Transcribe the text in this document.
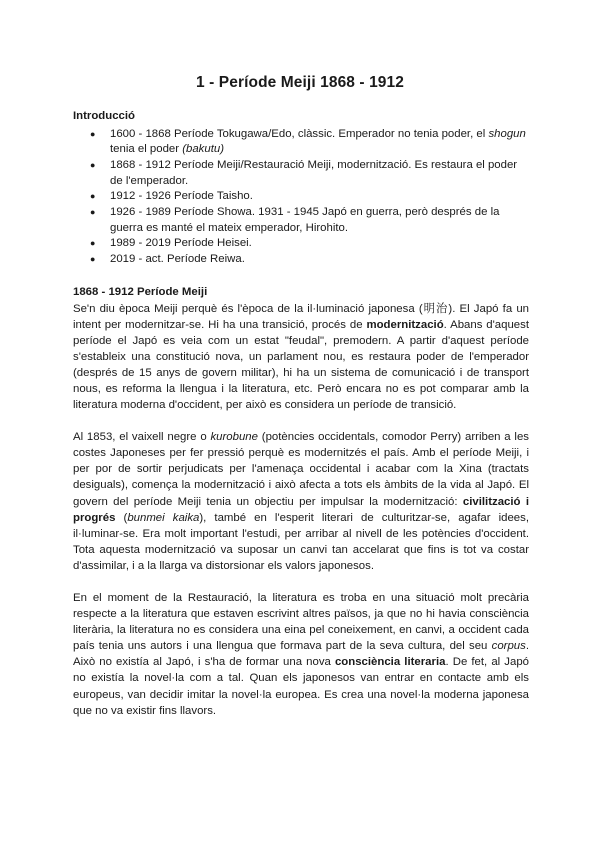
1 - Període Meiji 1868 - 1912
Introducció
● 1600 - 1868 Període Tokugawa/Edo, clàssic. Emperador no tenia poder, el shogun tenia el poder (bakutu)
● 1868 - 1912 Període Meiji/Restauració Meiji, modernització. Es restaura el poder de l'emperador.
● 1912 - 1926 Període Taisho.
● 1926 - 1989 Període Showa. 1931 - 1945 Japó en guerra, però després de la guerra es manté el mateix emperador, Hirohito.
● 1989 - 2019 Període Heisei.
● 2019 - act. Període Reiwa.
1868 - 1912 Període Meiji

Se'n diu època Meiji perquè és l'època de la il·luminació japonesa (明治). El Japó fa un intent per modernitzar-se. Hi ha una transició, procés de modernització. Abans d'aquest període el Japó es veia com un estat "feudal", premodern. A partir d'aquest període s'estableix una constitució nova, un parlament nou, es restaura poder de l'emperador (després de 15 anys de govern militar), hi ha un sistema de comunicació i de transport nous, es reforma la llengua i la literatura, etc. Però encara no es pot comparar amb la literatura moderna d'occident, per això es considera un període de transició.

Al 1853, el vaixell negre o kurobune (potències occidentals, comodor Perry) arriben a les costes Japoneses per fer pressió perquè es modernitzés el país. Amb el període Meiji, i per por de sortir perjudicats per l'amenaça occidental i acabar com la Xina (tractats desiguals), comença la modernització i això afecta a tots els àmbits de la vida al Japó. El govern del període Meiji tenia un objectiu per impulsar la modernització: civilització i progrés (bunmei kaika), també en l'esperit literari de culturitzar-se, agafar idees, il·luminar-se. Era molt important l'estudi, per arribar al nivell de les potències d'occident. Tota aquesta modernització va suposar un canvi tan accelarat que fins is tot va costar d'assimilar, i a la llarga va distorsionar els valors japonesos.

En el moment de la Restauració, la literatura es troba en una situació molt precària respecte a la literatura que estaven escrivint altres països, ja que no hi havia consciència literària, la literatura no es considera una eina pel coneixement, en canvi, a occident cada país tenia uns autors i una llengua que formava part de la seva cultura, del seu corpus. Això no existía al Japó, i s'ha de formar una nova consciència literaria. De fet, al Japó no existía la novel·la com a tal. Quan els japonesos van entrar en contacte amb els europeus, van decidir imitar la novel·la europea. Es crea una novel·la moderna japonesa que no va existir fins llavors.
